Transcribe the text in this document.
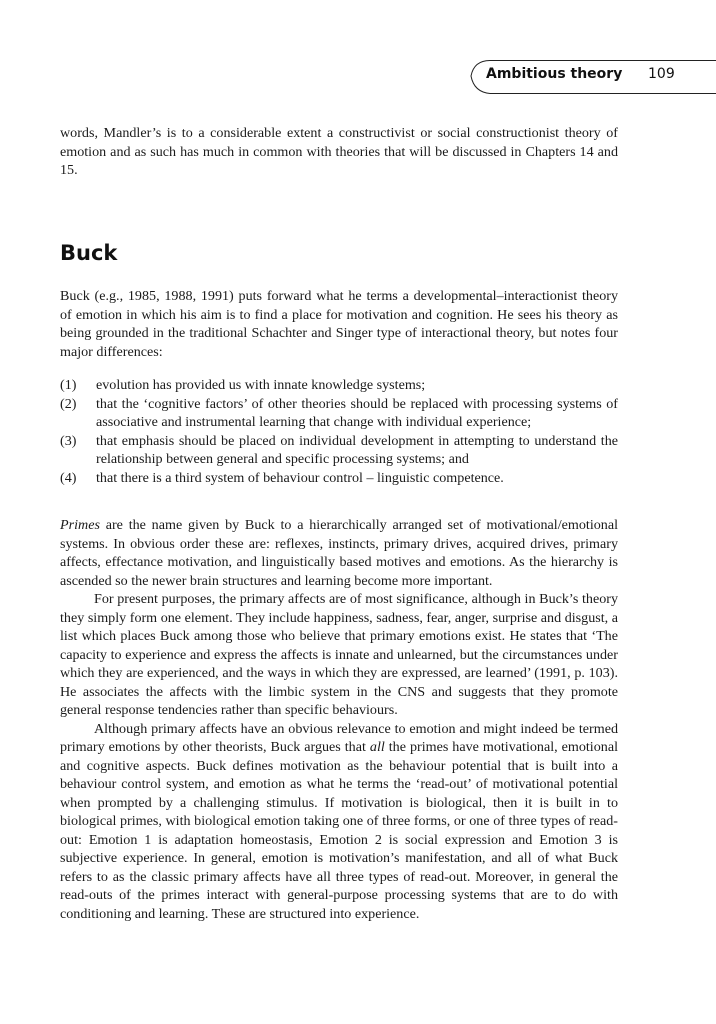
Ambitious theory 109

words, Mandler’s is to a considerable extent a constructivist or social constructionist theory of emotion and as such has much in common with theories that will be discussed in Chapters 14 and 15.

Buck

Buck (e.g., 1985, 1988, 1991) puts forward what he terms a developmental–interactionist theory of emotion in which his aim is to find a place for motivation and cognition. He sees his theory as being grounded in the traditional Schachter and Singer type of interactional theory, but notes four major differences:

(1) evolution has provided us with innate knowledge systems;
(2) that the ‘cognitive factors’ of other theories should be replaced with processing systems of associative and instrumental learning that change with individual experience;
(3) that emphasis should be placed on individual development in attempting to understand the relationship between general and specific processing systems; and
(4) that there is a third system of behaviour control – linguistic competence.

Primes are the name given by Buck to a hierarchically arranged set of motivational/emotional systems. In obvious order these are: reflexes, instincts, primary drives, acquired drives, primary affects, effectance motivation, and linguistically based motives and emotions. As the hierarchy is ascended so the newer brain structures and learning become more important.

For present purposes, the primary affects are of most significance, although in Buck’s theory they simply form one element. They include happiness, sadness, fear, anger, surprise and disgust, a list which places Buck among those who believe that primary emotions exist. He states that ‘The capacity to experience and express the affects is innate and unlearned, but the circumstances under which they are experienced, and the ways in which they are expressed, are learned’ (1991, p. 103). He associates the affects with the limbic system in the CNS and suggests that they promote general response tendencies rather than specific behaviours.

Although primary affects have an obvious relevance to emotion and might indeed be termed primary emotions by other theorists, Buck argues that all the primes have motivational, emotional and cognitive aspects. Buck defines motivation as the behaviour potential that is built into a behaviour control system, and emotion as what he terms the ‘read-out’ of motivational potential when prompted by a challenging stimulus. If motivation is biological, then it is built in to biological primes, with biological emotion taking one of three forms, or one of three types of read-out: Emotion 1 is adaptation homeostasis, Emotion 2 is social expression and Emotion 3 is subjective experience. In general, emotion is motivation’s manifestation, and all of what Buck refers to as the classic primary affects have all three types of read-out. Moreover, in general the read-outs of the primes interact with general-purpose processing systems that are to do with conditioning and learning. These are structured into experience.
